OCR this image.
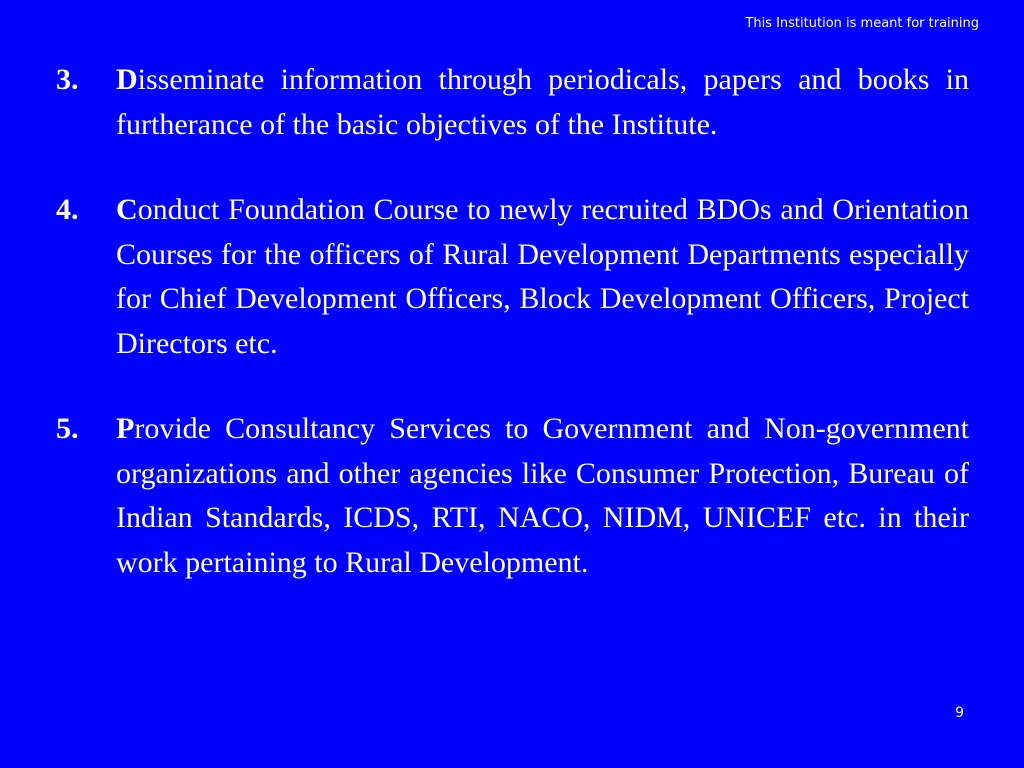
This Institution is meant for training
3. Disseminate information through periodicals, papers and books in furtherance of the basic objectives of the Institute.
4. Conduct Foundation Course to newly recruited BDOs and Orientation Courses for the officers of Rural Development Departments especially for Chief Development Officers, Block Development Officers, Project Directors etc.
5. Provide Consultancy Services to Government and Non-government organizations and other agencies like Consumer Protection, Bureau of Indian Standards, ICDS, RTI, NACO, NIDM, UNICEF etc. in their work pertaining to Rural Development.
9
